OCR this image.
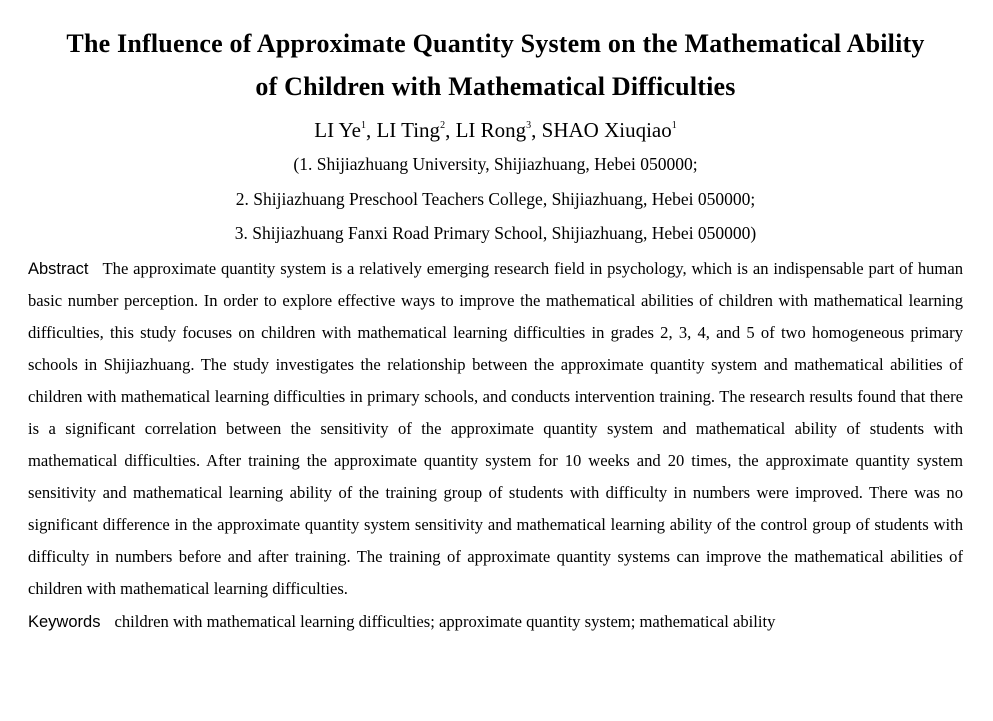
The Influence of Approximate Quantity System on the Mathematical Ability
of Children with Mathematical Difficulties
LI Ye$^1$, LI Ting$^2$, LI Rong$^3$, SHAO Xiuqiao$^1$
(1. Shijiazhuang University, Shijiazhuang, Hebei 050000;
2. Shijiazhuang Preschool Teachers College, Shijiazhuang, Hebei 050000;
3. Shijiazhuang Fanxi Road Primary School, Shijiazhuang, Hebei 050000)
Abstract The approximate quantity system is a relatively emerging research field in psychology, which is an indispensable part of human basic number perception. In order to explore effective ways to improve the mathematical abilities of children with mathematical learning difficulties, this study focuses on children with mathematical learning difficulties in grades 2, 3, 4, and 5 of two homogeneous primary schools in Shijiazhuang. The study investigates the relationship between the approximate quantity system and mathematical abilities of children with mathematical learning difficulties in primary schools, and conducts intervention training. The research results found that there is a significant correlation between the sensitivity of the approximate quantity system and mathematical ability of students with mathematical difficulties. After training the approximate quantity system for 10 weeks and 20 times, the approximate quantity system sensitivity and mathematical learning ability of the training group of students with difficulty in numbers were improved. There was no significant difference in the approximate quantity system sensitivity and mathematical learning ability of the control group of students with difficulty in numbers before and after training. The training of approximate quantity systems can improve the mathematical abilities of children with mathematical learning difficulties.
Keywords children with mathematical learning difficulties; approximate quantity system; mathematical ability
